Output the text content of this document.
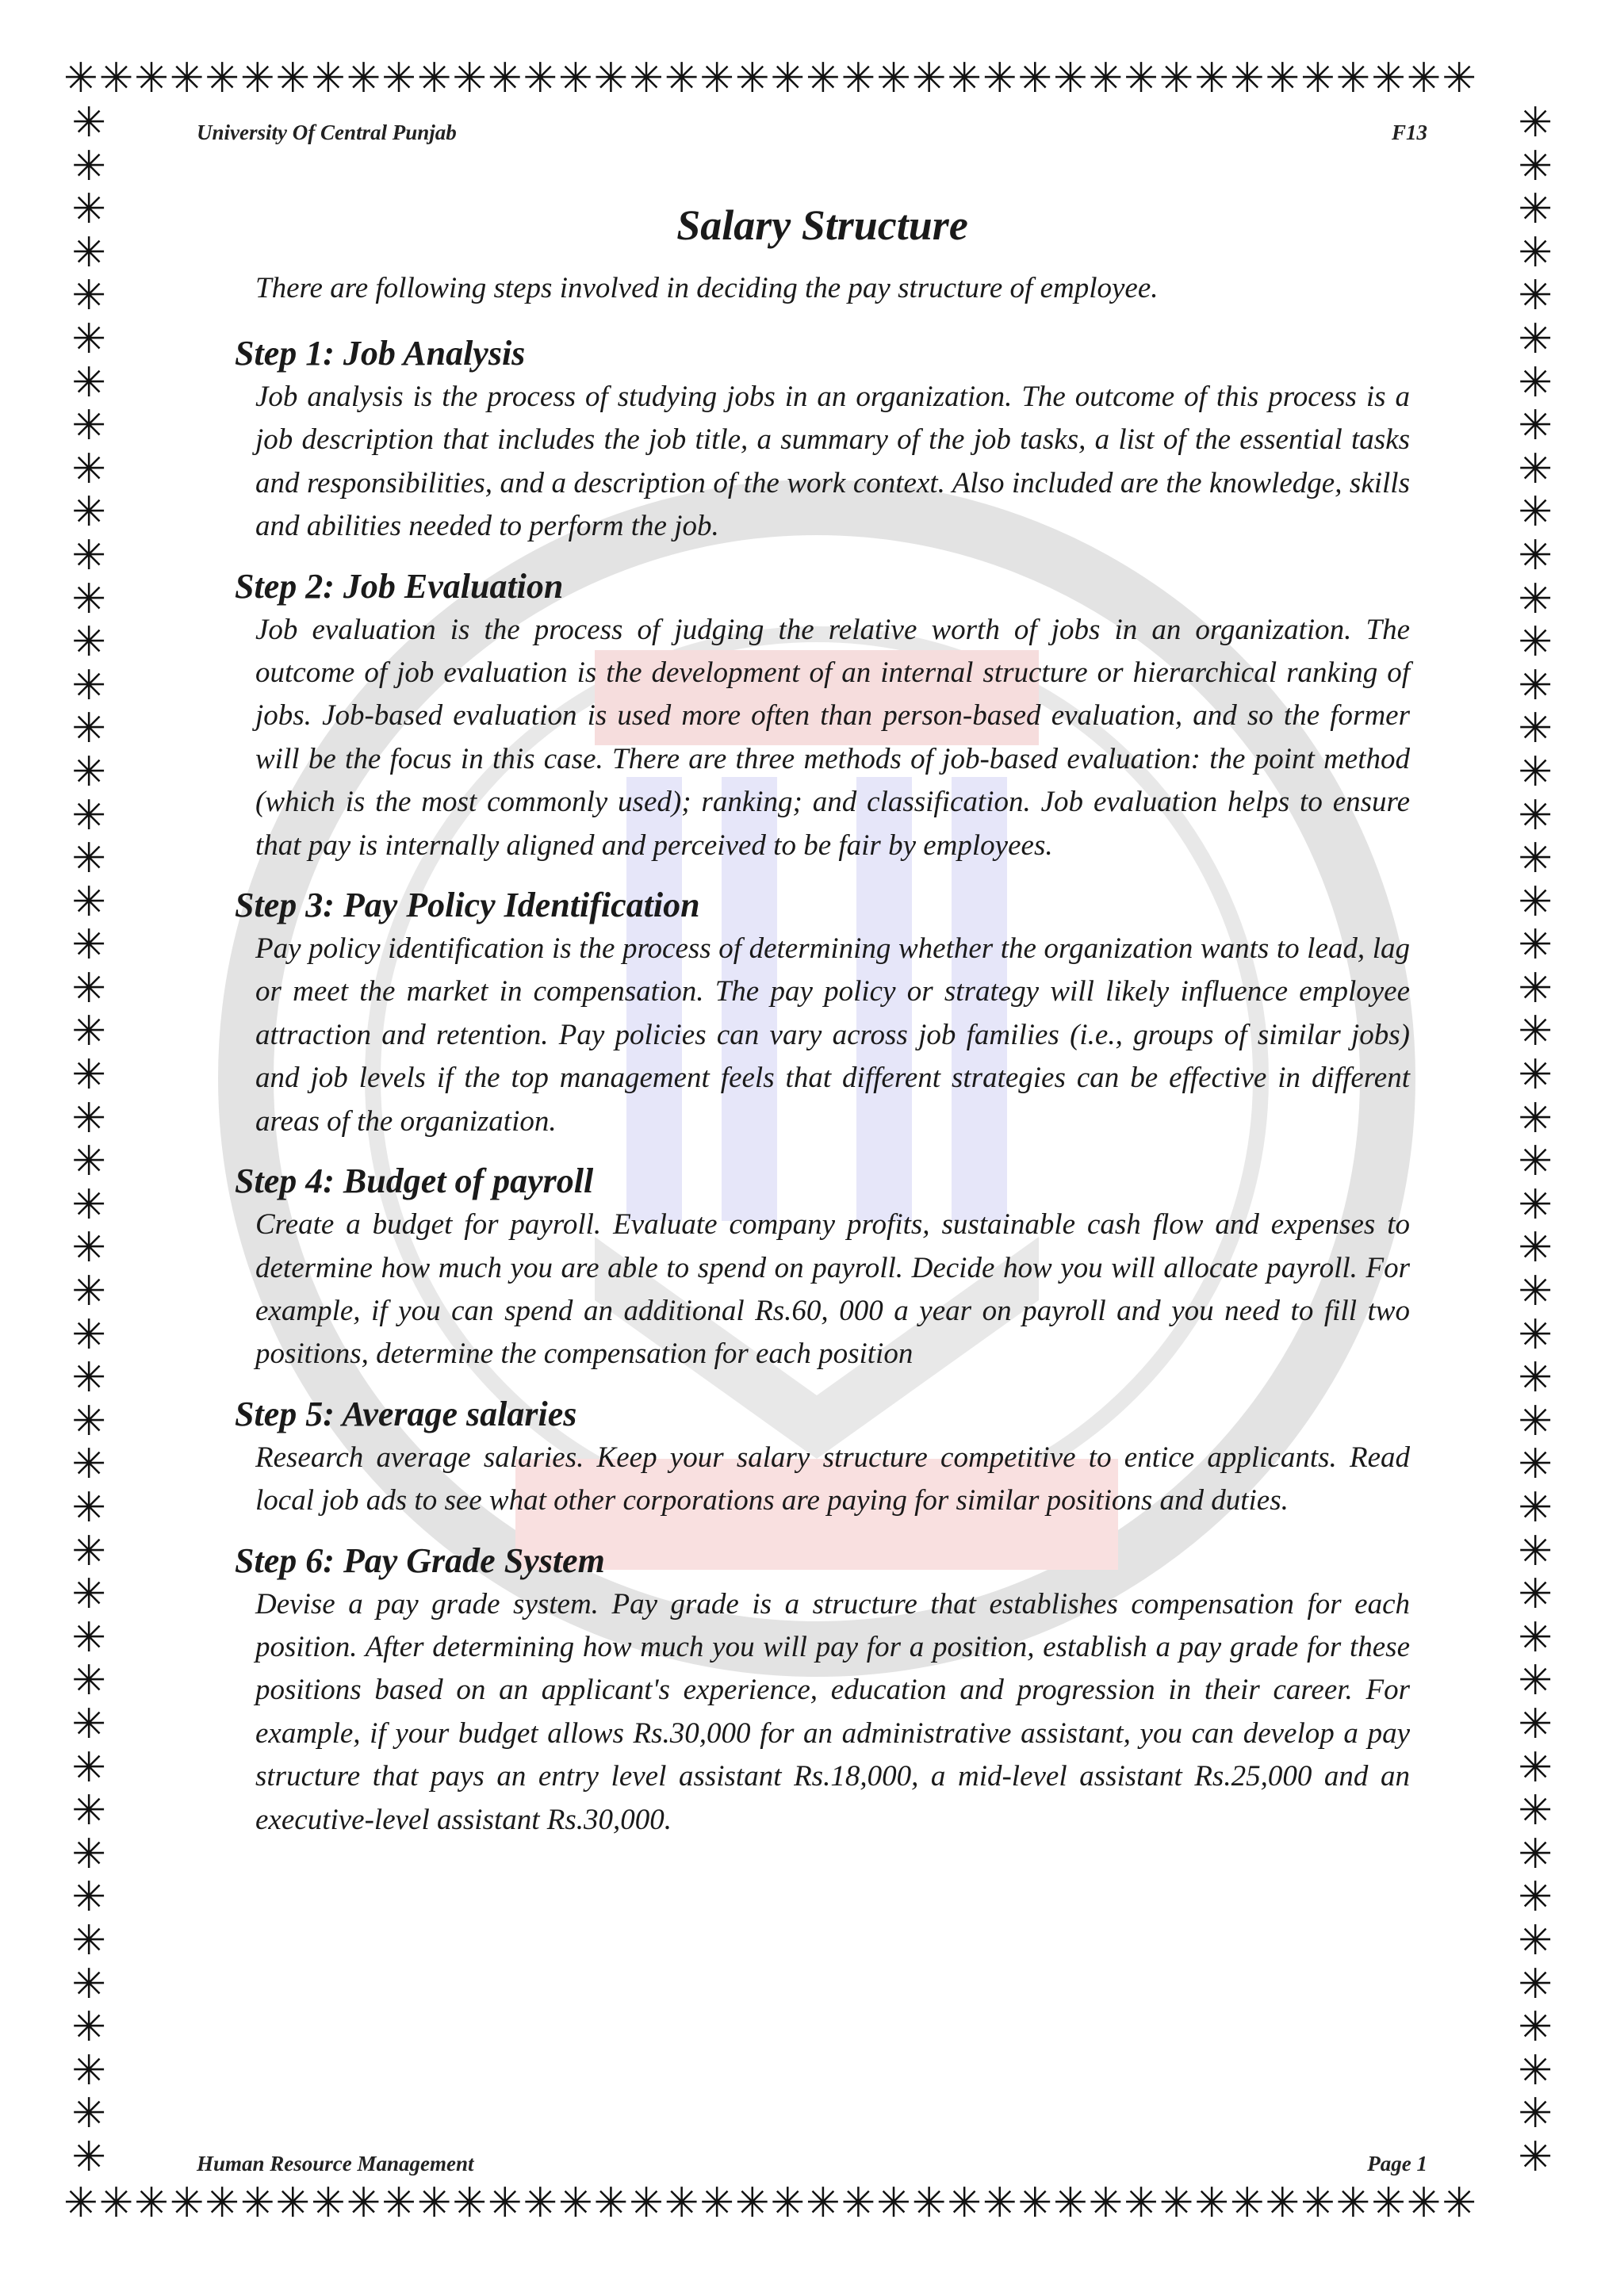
✳✳✳✳✳✳✳✳✳✳✳✳✳✳✳✳✳✳✳✳✳✳✳✳✳✳✳✳✳✳✳✳✳✳✳✳✳✳✳✳
✳✳✳✳✳✳✳✳✳✳✳✳✳✳✳✳✳✳✳✳✳✳✳✳✳✳✳✳✳✳✳✳✳✳✳✳✳✳✳✳
✳
✳
✳
✳
✳
✳
✳
✳
✳
✳
✳
✳
✳
✳
✳
✳
✳
✳
✳
✳
✳
✳
✳
✳
✳
✳
✳
✳
✳
✳
✳
✳
✳
✳
✳
✳
✳
✳
✳
✳
✳
✳
✳
✳
✳
✳
✳
✳
✳
✳
✳
✳
✳
✳
✳
✳
✳
✳
✳
✳
✳
✳
✳
✳
✳
✳
✳
✳
✳
✳
✳
✳
✳
✳
✳
✳
✳
✳
✳
✳
✳
✳
✳
✳
✳
✳
✳
✳
✳
✳
✳
✳
✳
✳
✳
✳
University Of Central Punjab	F13
Salary Structure

There are following steps involved in deciding the pay structure of employee.

Step 1: Job Analysis

Job analysis is the process of studying jobs in an organization. The outcome of this process is a job description that includes the job title, a summary of the job tasks, a list of the essential tasks and responsibilities, and a description of the work context. Also included are the knowledge, skills and abilities needed to perform the job.

Step 2: Job Evaluation

Job evaluation is the process of judging the relative worth of jobs in an organization. The outcome of job evaluation is the development of an internal structure or hierarchical ranking of jobs. Job-based evaluation is used more often than person-based evaluation, and so the former will be the focus in this case. There are three methods of job-based evaluation: the point method (which is the most commonly used); ranking; and classification. Job evaluation helps to ensure that pay is internally aligned and perceived to be fair by employees.

Step 3: Pay Policy Identification

Pay policy identification is the process of determining whether the organization wants to lead, lag or meet the market in compensation. The pay policy or strategy will likely influence employee attraction and retention. Pay policies can vary across job families (i.e., groups of similar jobs) and job levels if the top management feels that different strategies can be effective in different areas of the organization.

Step 4: Budget of payroll

Create a budget for payroll. Evaluate company profits, sustainable cash flow and expenses to determine how much you are able to spend on payroll. Decide how you will allocate payroll. For example, if you can spend an additional Rs.60, 000 a year on payroll and you need to fill two positions, determine the compensation for each position

Step 5: Average salaries

Research average salaries. Keep your salary structure competitive to entice applicants. Read local job ads to see what other corporations are paying for similar positions and duties.

Step 6: Pay Grade System

Devise a pay grade system. Pay grade is a structure that establishes compensation for each position. After determining how much you will pay for a position, establish a pay grade for these positions based on an applicant's experience, education and progression in their career. For example, if your budget allows Rs.30,000 for an administrative assistant, you can develop a pay structure that pays an entry level assistant Rs.18,000, a mid-level assistant Rs.25,000 and an executive-level assistant Rs.30,000.

Human Resource Management	Page 1
